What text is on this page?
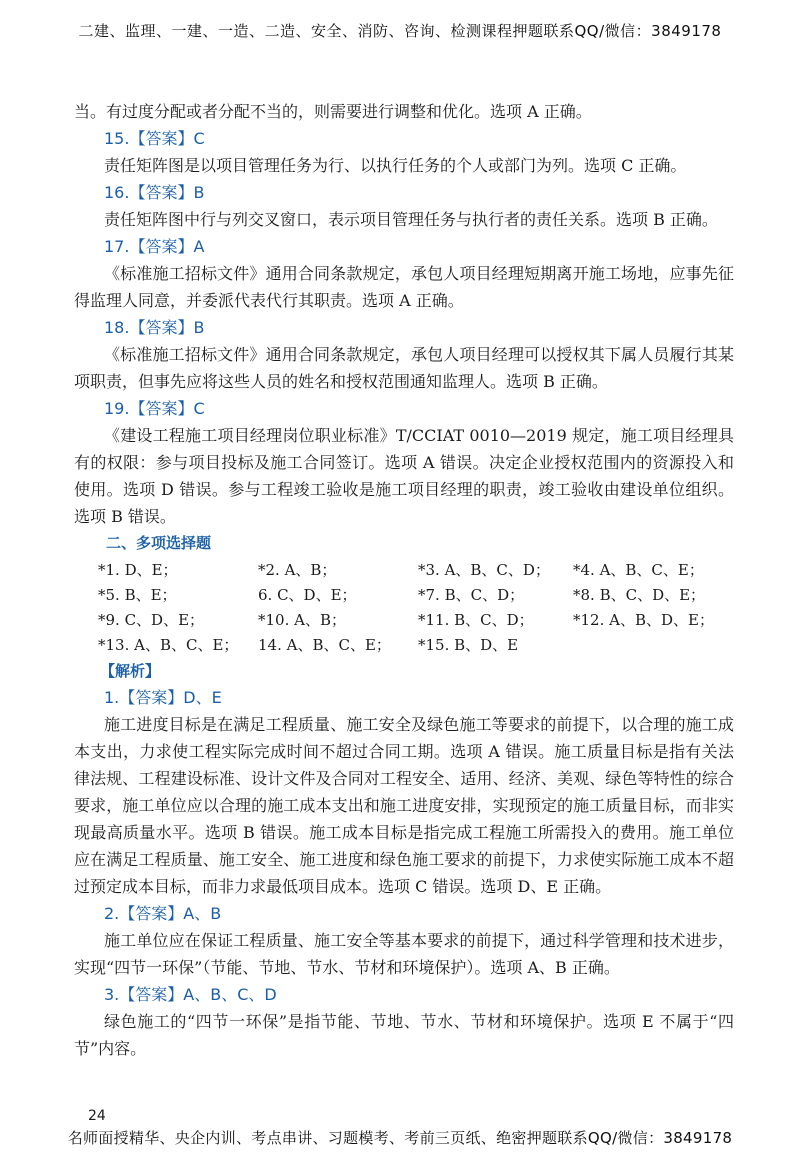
二建、监理、一建、一造、二造、安全、消防、咨询、检测课程押题联系QQ/微信：3849178

当。有过度分配或者分配不当的，则需要进行调整和优化。选项 A 正确。

15.【答案】C

责任矩阵图是以项目管理任务为行、以执行任务的个人或部门为列。选项 C 正确。

16.【答案】B

责任矩阵图中行与列交叉窗口，表示项目管理任务与执行者的责任关系。选项 B 正确。

17.【答案】A

《标准施工招标文件》通用合同条款规定，承包人项目经理短期离开施工场地，应事先征得监理人同意，并委派代表代行其职责。选项 A 正确。

18.【答案】B

《标准施工招标文件》通用合同条款规定，承包人项目经理可以授权其下属人员履行其某项职责，但事先应将这些人员的姓名和授权范围通知监理人。选项 B 正确。

19.【答案】C

《建设工程施工项目经理岗位职业标准》T/CCIAT 0010—2019 规定，施工项目经理具有的权限：参与项目投标及施工合同签订。选项 A 错误。决定企业授权范围内的资源投入和使用。选项 D 错误。参与工程竣工验收是施工项目经理的职责，竣工验收由建设单位组织。选项 B 错误。

二、多项选择题

*1. D、E；	*2. A、B；	*3. A、B、C、D；	*4. A、B、C、E；
*5. B、E；	6. C、D、E；	*7. B、C、D；	*8. B、C、D、E；
*9. C、D、E；	*10. A、B；	*11. B、C、D；	*12. A、B、D、E；
*13. A、B、C、E；	14. A、B、C、E；	*15. B、D、E

【解析】

1.【答案】D、E

施工进度目标是在满足工程质量、施工安全及绿色施工等要求的前提下，以合理的施工成本支出，力求使工程实际完成时间不超过合同工期。选项 A 错误。施工质量目标是指有关法律法规、工程建设标准、设计文件及合同对工程安全、适用、经济、美观、绿色等特性的综合要求，施工单位应以合理的施工成本支出和施工进度安排，实现预定的施工质量目标，而非实现最高质量水平。选项 B 错误。施工成本目标是指完成工程施工所需投入的费用。施工单位应在满足工程质量、施工安全、施工进度和绿色施工要求的前提下，力求使实际施工成本不超过预定成本目标，而非力求最低项目成本。选项 C 错误。选项 D、E 正确。

2.【答案】A、B

施工单位应在保证工程质量、施工安全等基本要求的前提下，通过科学管理和技术进步，实现“四节一环保”（节能、节地、节水、节材和环境保护）。选项 A、B 正确。

3.【答案】A、B、C、D

绿色施工的“四节一环保”是指节能、节地、节水、节材和环境保护。选项 E 不属于“四节”内容。

24
名师面授精华、央企内训、考点串讲、习题模考、考前三页纸、绝密押题联系QQ/微信：3849178
